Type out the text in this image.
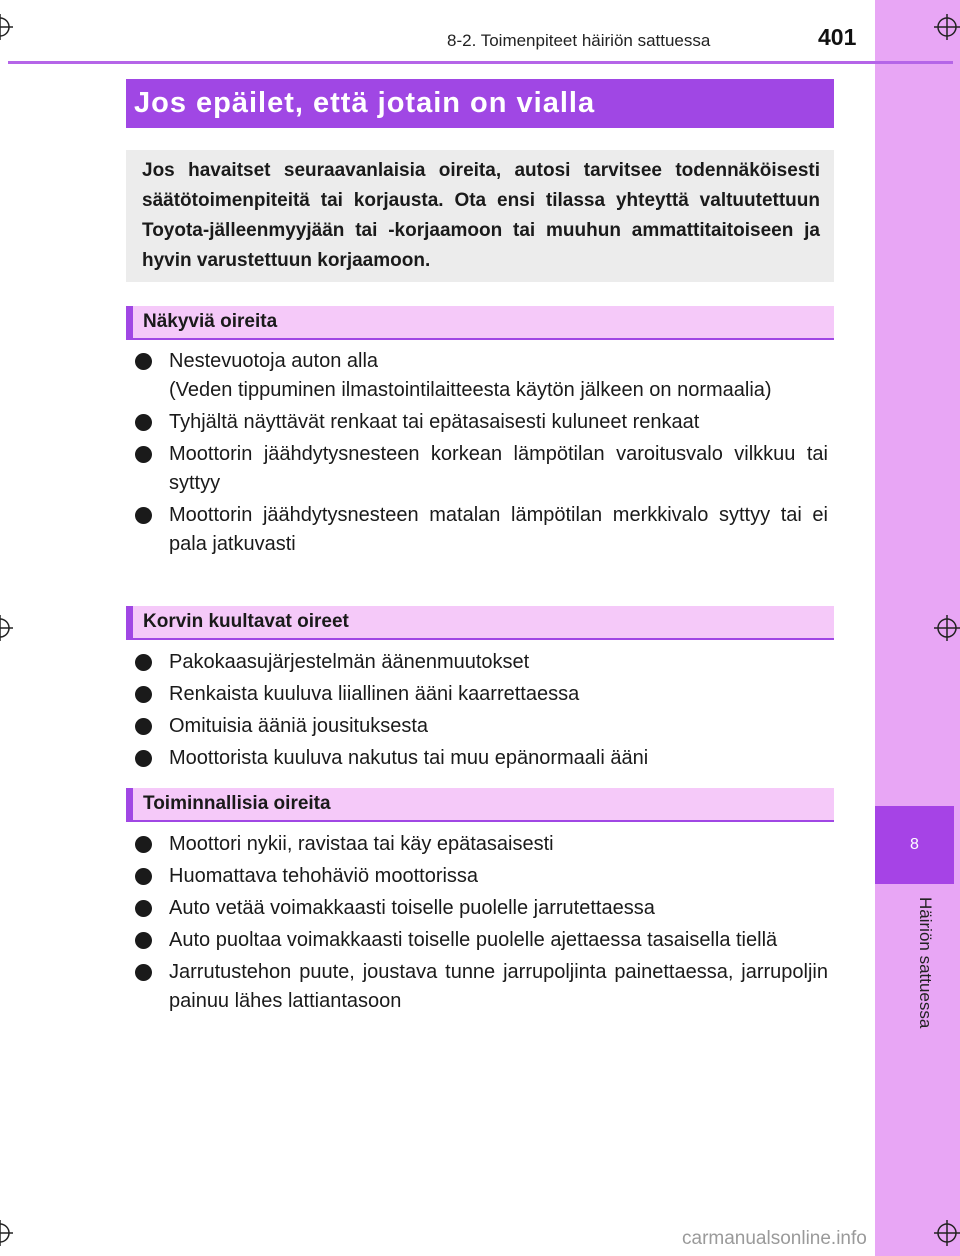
8
Häiriön sattuessa
8-2. Toimenpiteet häiriön sattuessa	401
Jos epäilet, että jotain on vialla

Jos havaitset seuraavanlaisia oireita, autosi tarvitsee todennäköisesti säätötoimenpiteitä tai korjausta. Ota ensi tilassa yhteyttä valtuutettuun Toyota-jälleenmyyjään tai -korjaamoon tai muuhun ammattitaitoiseen ja hyvin varustettuun korjaamoon.

Näkyviä oireita
Nestevuotoja auton alla
(Veden tippuminen ilmastointilaitteesta käytön jälkeen on normaalia)
Tyhjältä näyttävät renkaat tai epätasaisesti kuluneet renkaat
Moottorin jäähdytysnesteen korkean lämpötilan varoitusvalo vilkkuu tai syttyy
Moottorin jäähdytysnesteen matalan lämpötilan merkkivalo syttyy tai ei pala jatkuvasti
Korvin kuultavat oireet
Pakokaasujärjestelmän äänenmuutokset
Renkaista kuuluva liiallinen ääni kaarrettaessa
Omituisia ääniä jousituksesta
Moottorista kuuluva nakutus tai muu epänormaali ääni
Toiminnallisia oireita
Moottori nykii, ravistaa tai käy epätasaisesti
Huomattava tehohäviö moottorissa
Auto vetää voimakkaasti toiselle puolelle jarrutettaessa
Auto puoltaa voimakkaasti toiselle puolelle ajettaessa tasaisella tiellä
Jarrutustehon puute, joustava tunne jarrupoljinta painettaessa, jarrupoljin painuu lähes lattiantasoon
carmanualsonline.info
